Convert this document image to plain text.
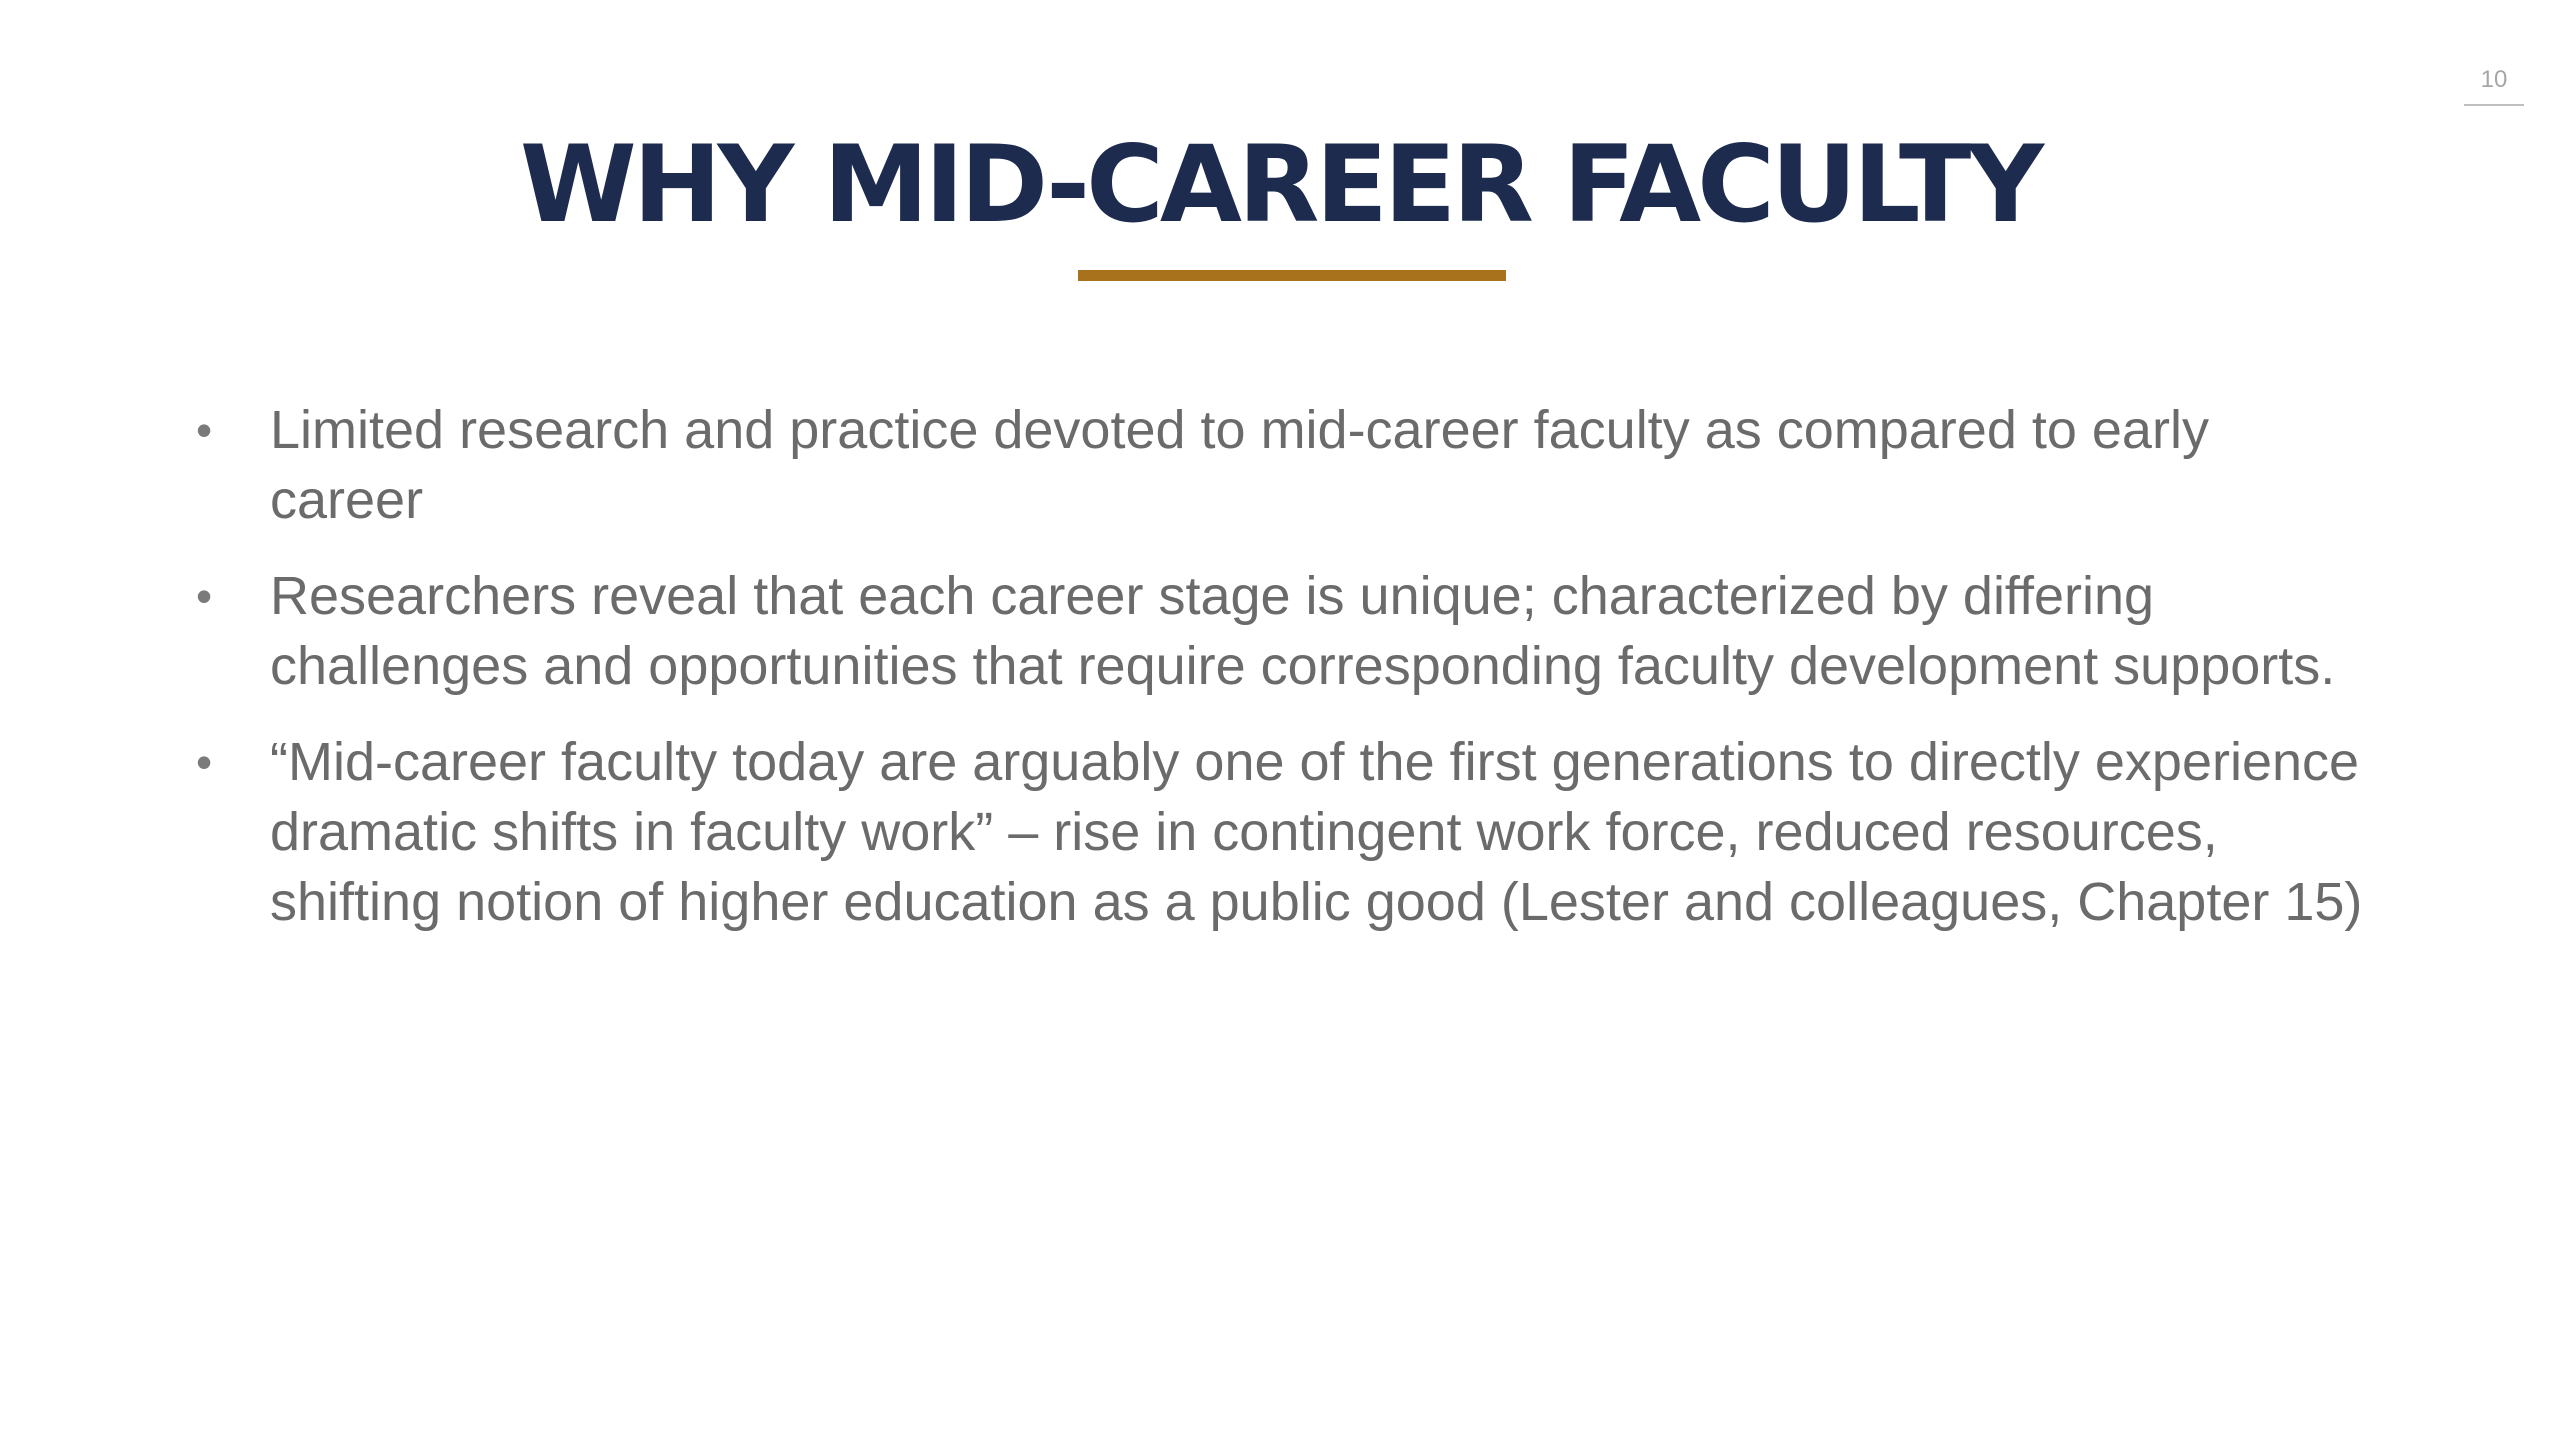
10
WHY MID-CAREER FACULTY
• Limited research and practice devoted to mid-career faculty as compared to early career
• Researchers reveal that each career stage is unique; characterized by differing challenges and opportunities that require corresponding faculty development supports.
• “Mid-career faculty today are arguably one of the first generations to directly experience dramatic shifts in faculty work” – rise in contingent work force, reduced resources, shifting notion of higher education as a public good (Lester and colleagues, Chapter 15)
